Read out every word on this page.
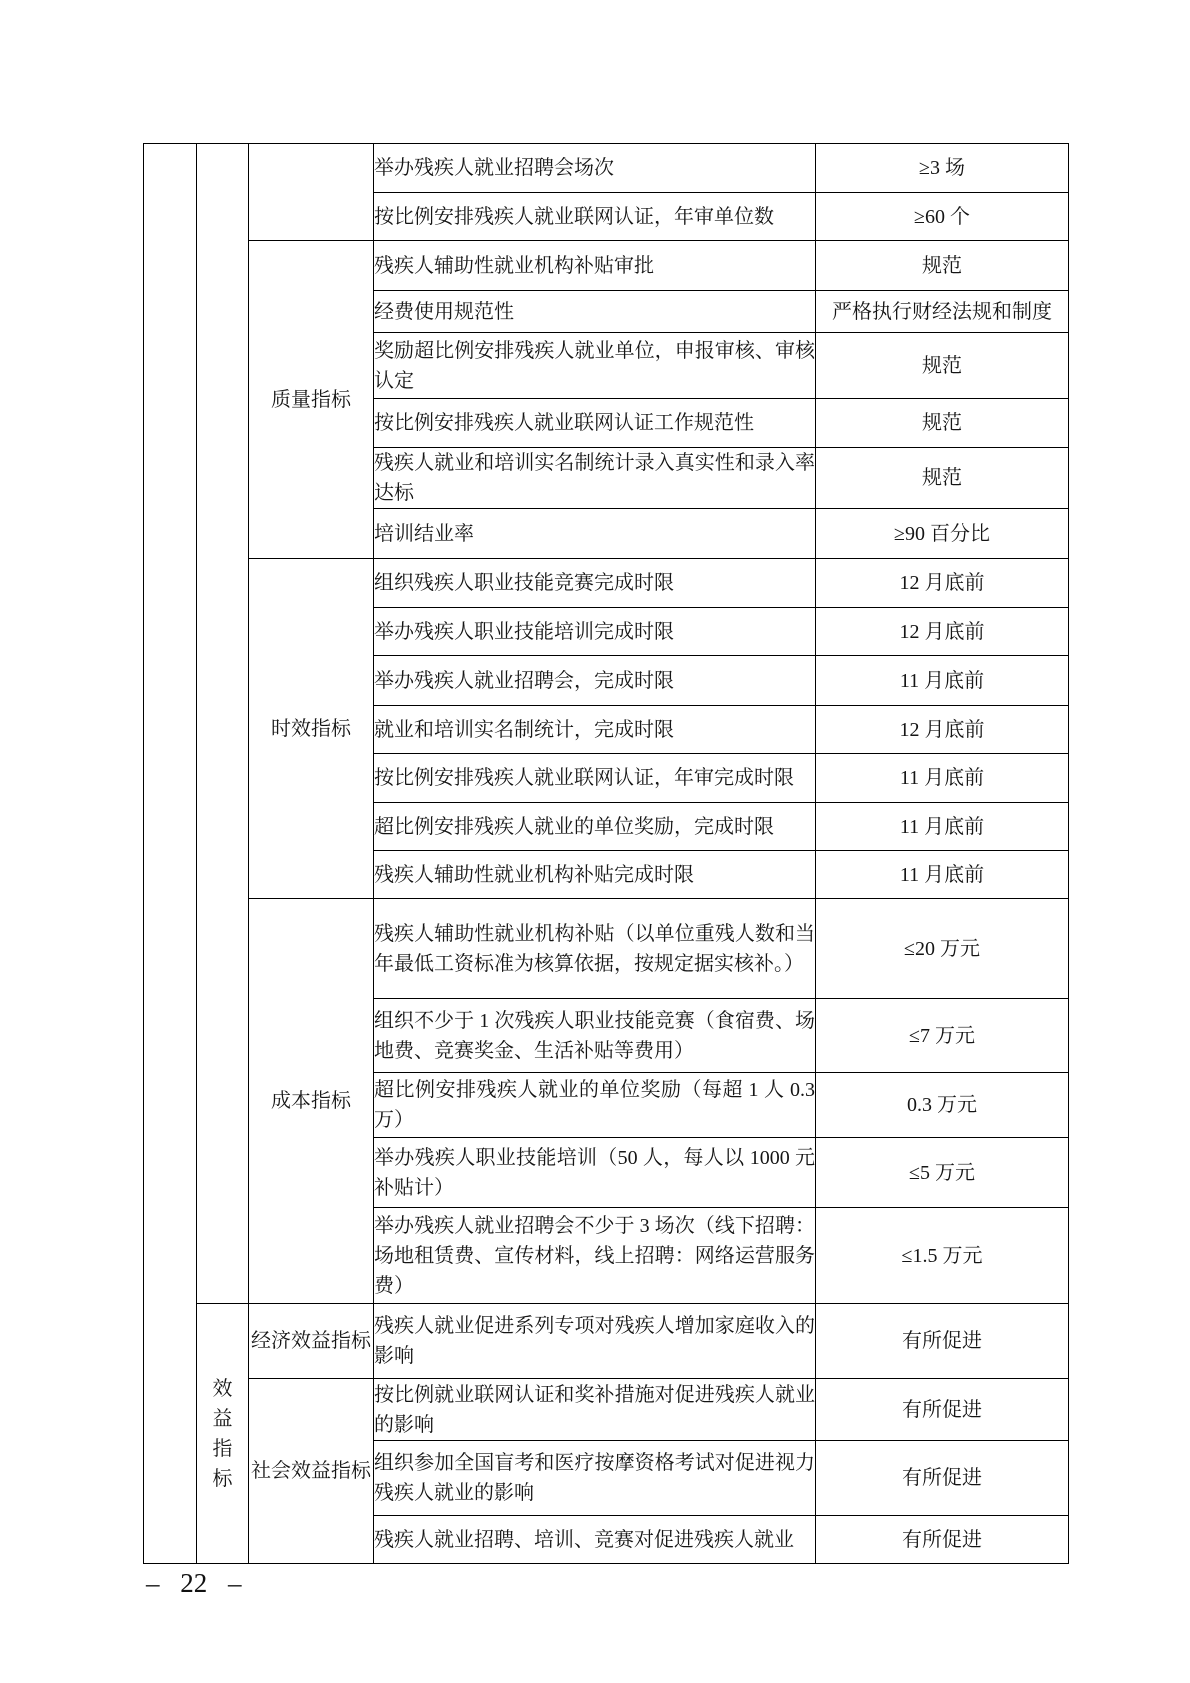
			举办残疾人就业招聘会场次	≥3 场
			按比例安排残疾人就业联网认证，年审单位数	≥60 个
		质量指标	残疾人辅助性就业机构补贴审批	规范
			经费使用规范性	严格执行财经法规和制度
			奖励超比例安排残疾人就业单位，申报审核、审核认定	规范
			按比例安排残疾人就业联网认证工作规范性	规范
			残疾人就业和培训实名制统计录入真实性和录入率达标	规范
			培训结业率	≥90 百分比
		时效指标	组织残疾人职业技能竞赛完成时限	12 月底前
			举办残疾人职业技能培训完成时限	12 月底前
			举办残疾人就业招聘会，完成时限	11 月底前
			就业和培训实名制统计，完成时限	12 月底前
			按比例安排残疾人就业联网认证，年审完成时限	11 月底前
			超比例安排残疾人就业的单位奖励，完成时限	11 月底前
			残疾人辅助性就业机构补贴完成时限	11 月底前
		成本指标	残疾人辅助性就业机构补贴（以单位重残人数和当年最低工资标准为核算依据，按规定据实核补。）	≤20 万元
			组织不少于 1 次残疾人职业技能竞赛（食宿费、场地费、竞赛奖金、生活补贴等费用）	≤7 万元
			超比例安排残疾人就业的单位奖励（每超 1 人 0.3 万）	0.3 万元
			举办残疾人职业技能培训（50 人，每人以 1000 元补贴计）	≤5 万元
			举办残疾人就业招聘会不少于 3 场次（线下招聘：场地租赁费、宣传材料，线上招聘：网络运营服务费）	≤1.5 万元
	效益指标	经济效益指标	残疾人就业促进系列专项对残疾人增加家庭收入的影响	有所促进
		社会效益指标	按比例就业联网认证和奖补措施对促进残疾人就业的影响	有所促进
			组织参加全国盲考和医疗按摩资格考试对促进视力残疾人就业的影响	有所促进
			残疾人就业招聘、培训、竞赛对促进残疾人就业	有所促进
– 22 –
